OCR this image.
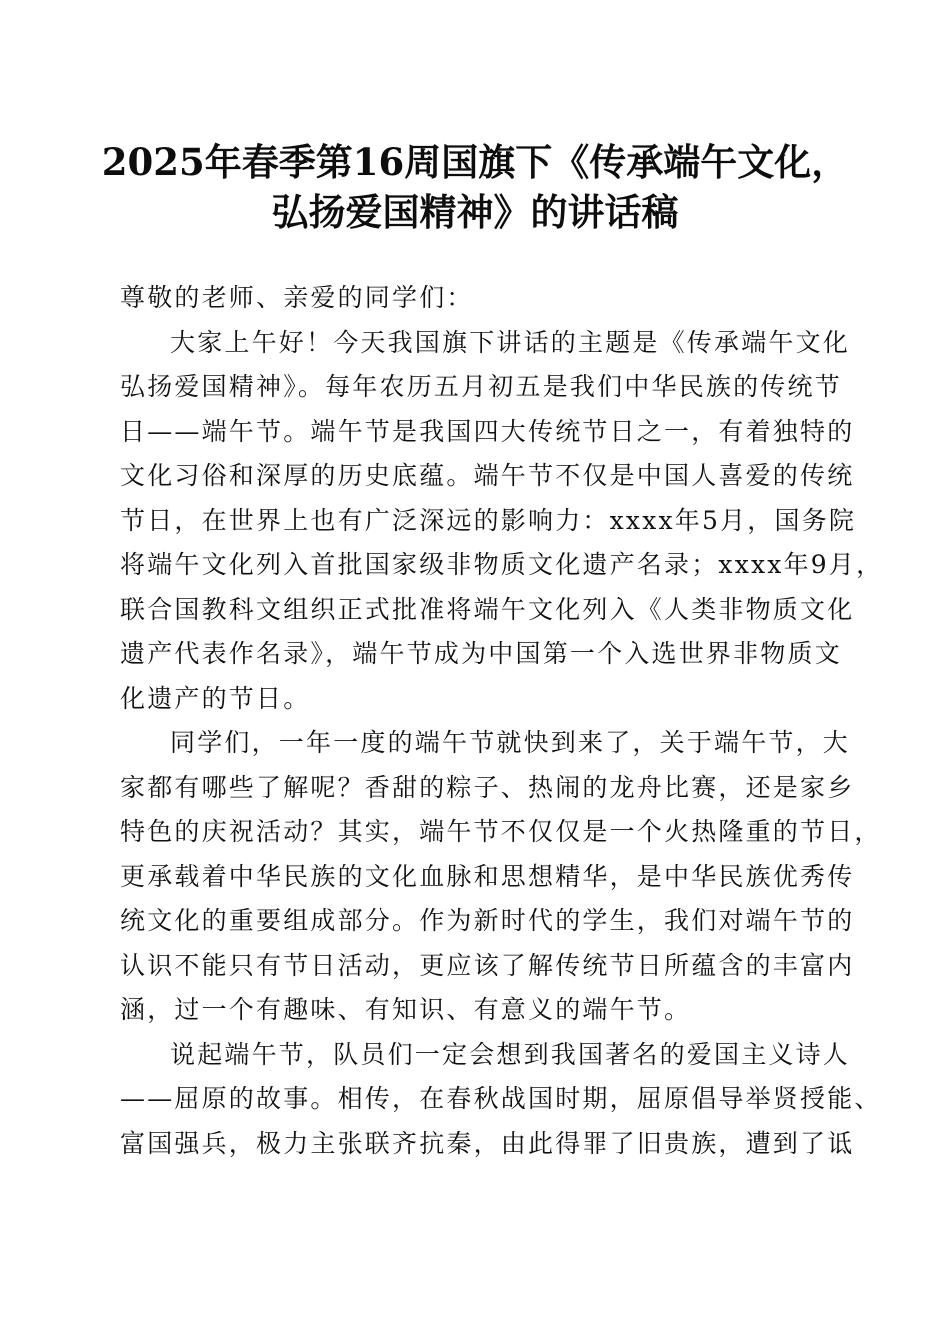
2025年春季第16周国旗下《传承端午文化，
弘扬爱国精神》的讲话稿
尊敬的老师、亲爱的同学们：
大家上午好！今天我国旗下讲话的主题是《传承端午文化
弘扬爱国精神》。每年农历五月初五是我们中华民族的传统节
日——端午节。端午节是我国四大传统节日之一，有着独特的
文化习俗和深厚的历史底蕴。端午节不仅是中国人喜爱的传统
节日，在世界上也有广泛深远的影响力：xxxx年5月，国务院
将端午文化列入首批国家级非物质文化遗产名录；xxxx年9月，
联合国教科文组织正式批准将端午文化列入《人类非物质文化
遗产代表作名录》，端午节成为中国第一个入选世界非物质文
化遗产的节日。
同学们，一年一度的端午节就快到来了，关于端午节，大
家都有哪些了解呢？香甜的粽子、热闹的龙舟比赛，还是家乡
特色的庆祝活动？其实，端午节不仅仅是一个火热隆重的节日，
更承载着中华民族的文化血脉和思想精华，是中华民族优秀传
统文化的重要组成部分。作为新时代的学生，我们对端午节的
认识不能只有节日活动，更应该了解传统节日所蕴含的丰富内
涵，过一个有趣味、有知识、有意义的端午节。
说起端午节，队员们一定会想到我国著名的爱国主义诗人
——屈原的故事。相传，在春秋战国时期，屈原倡导举贤授能、
富国强兵，极力主张联齐抗秦，由此得罪了旧贵族，遭到了诋
